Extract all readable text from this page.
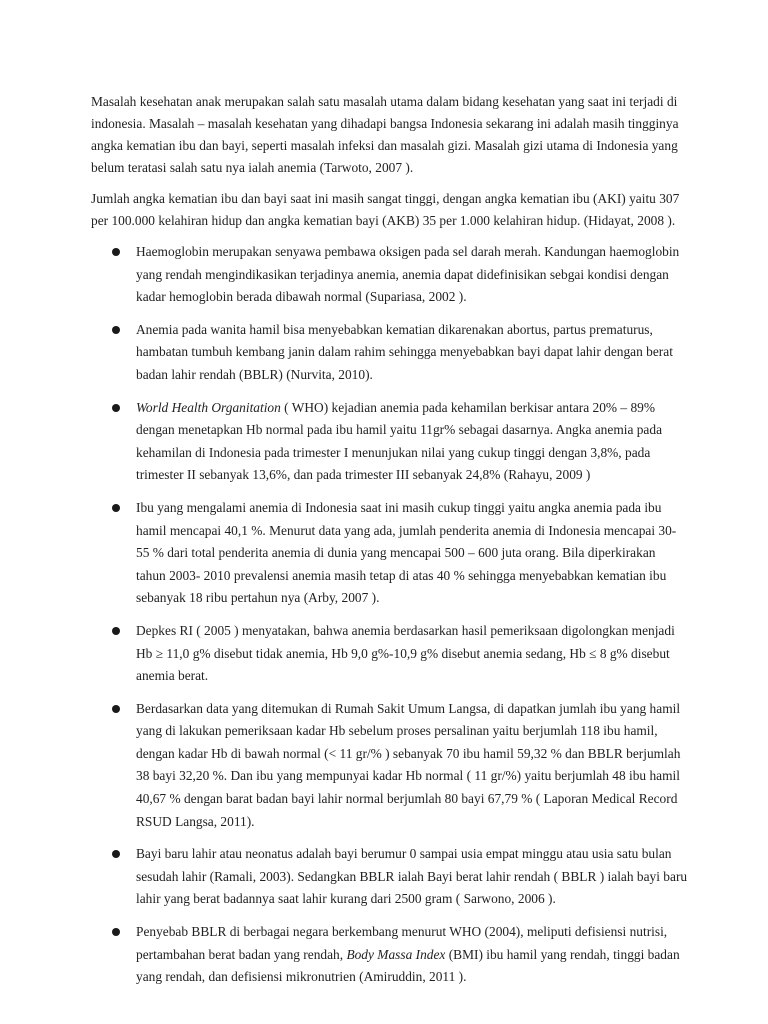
Masalah kesehatan anak merupakan salah satu masalah utama dalam bidang kesehatan yang saat ini terjadi di indonesia. Masalah – masalah kesehatan yang dihadapi bangsa Indonesia sekarang ini adalah masih tingginya angka kematian ibu dan bayi, seperti masalah infeksi dan masalah gizi. Masalah gizi utama di Indonesia yang belum teratasi salah satu nya ialah anemia (Tarwoto, 2007 ).

Jumlah angka kematian ibu dan bayi saat ini masih sangat tinggi, dengan angka kematian ibu (AKI) yaitu 307 per 100.000 kelahiran hidup dan angka kematian bayi (AKB) 35 per 1.000 kelahiran hidup. (Hidayat, 2008 ).

Haemoglobin merupakan senyawa pembawa oksigen pada sel darah merah. Kandungan haemoglobin yang rendah mengindikasikan terjadinya anemia, anemia dapat didefinisikan sebgai kondisi dengan kadar hemoglobin berada dibawah normal (Supariasa, 2002 ).
Anemia pada wanita hamil bisa menyebabkan kematian dikarenakan abortus, partus prematurus, hambatan tumbuh kembang janin dalam rahim sehingga menyebabkan bayi dapat lahir dengan berat badan lahir rendah (BBLR) (Nurvita, 2010).
World Health Organitation ( WHO) kejadian anemia pada kehamilan berkisar antara 20% – 89% dengan menetapkan Hb normal pada ibu hamil yaitu 11gr% sebagai dasarnya. Angka anemia pada kehamilan di Indonesia pada trimester I menunjukan nilai yang cukup tinggi dengan 3,8%, pada trimester II sebanyak 13,6%, dan pada trimester III sebanyak 24,8% (Rahayu, 2009 )
Ibu yang mengalami anemia di Indonesia saat ini masih cukup tinggi yaitu angka anemia pada ibu hamil mencapai 40,1 %. Menurut data yang ada, jumlah penderita anemia di Indonesia mencapai 30-55 % dari total penderita anemia di dunia yang mencapai 500 – 600 juta orang. Bila diperkirakan tahun 2003- 2010 prevalensi anemia masih tetap di atas 40 % sehingga menyebabkan kematian ibu sebanyak 18 ribu pertahun nya (Arby, 2007 ).
Depkes RI ( 2005 ) menyatakan, bahwa anemia berdasarkan hasil pemeriksaan digolongkan menjadi Hb ≥ 11,0 g% disebut tidak anemia, Hb 9,0 g%-10,9 g% disebut anemia sedang, Hb ≤ 8 g% disebut anemia berat.
Berdasarkan data yang ditemukan di Rumah Sakit Umum Langsa, di dapatkan jumlah ibu yang hamil yang di lakukan pemeriksaan kadar Hb sebelum proses persalinan yaitu berjumlah 118 ibu hamil, dengan kadar Hb di bawah normal (< 11 gr/% ) sebanyak 70 ibu hamil 59,32 % dan BBLR berjumlah 38 bayi 32,20 %. Dan ibu yang mempunyai kadar Hb normal ( 11 gr/%) yaitu berjumlah 48 ibu hamil 40,67 % dengan barat badan bayi lahir normal berjumlah 80 bayi 67,79 % ( Laporan Medical Record RSUD Langsa, 2011).
Bayi baru lahir atau neonatus adalah bayi berumur 0 sampai usia empat minggu atau usia satu bulan sesudah lahir (Ramali, 2003). Sedangkan BBLR ialah Bayi berat lahir rendah ( BBLR ) ialah bayi baru lahir yang berat badannya saat lahir kurang dari 2500 gram ( Sarwono, 2006 ).
Penyebab BBLR di berbagai negara berkembang menurut WHO (2004), meliputi defisiensi nutrisi, pertambahan berat badan yang rendah, Body Massa Index (BMI) ibu hamil yang rendah, tinggi badan yang rendah, dan defisiensi mikronutrien (Amiruddin, 2011 ).
